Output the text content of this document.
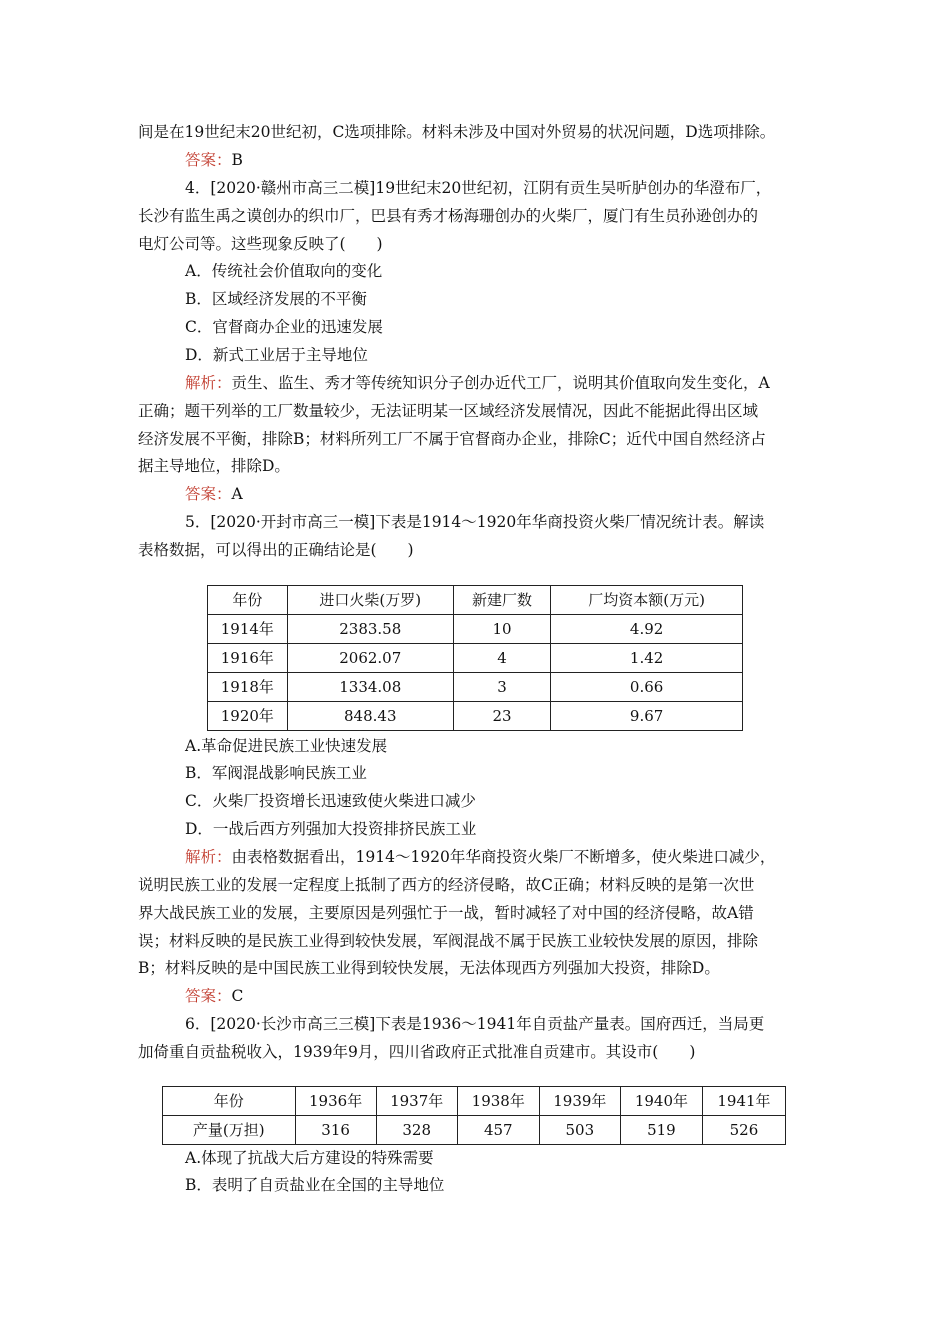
间是在19世纪末20世纪初，C选项排除。材料未涉及中国对外贸易的状况问题，D选项排除。
答案：B
4．[2020·赣州市高三二模]19世纪末20世纪初，江阴有贡生吴听胪创办的华澄布厂，
长沙有监生禹之谟创办的织巾厂，巴县有秀才杨海珊创办的火柴厂，厦门有生员孙逊创办的
电灯公司等。这些现象反映了(　　)
A．传统社会价值取向的变化
B．区域经济发展的不平衡
C．官督商办企业的迅速发展
D．新式工业居于主导地位
解析：贡生、监生、秀才等传统知识分子创办近代工厂，说明其价值取向发生变化，A
正确；题干列举的工厂数量较少，无法证明某一区域经济发展情况，因此不能据此得出区域
经济发展不平衡，排除B；材料所列工厂不属于官督商办企业，排除C；近代中国自然经济占
据主导地位，排除D。
答案：A
5．[2020·开封市高三一模]下表是1914～1920年华商投资火柴厂情况统计表。解读
表格数据，可以得出的正确结论是(　　)
年份	进口火柴(万罗)	新建厂数	厂均资本额(万元)
1914年	2383.58	10	4.92
1916年	2062.07	4	1.42
1918年	1334.08	3	0.66
1920年	848.43	23	9.67
A.革命促进民族工业快速发展
B．军阀混战影响民族工业
C．火柴厂投资增长迅速致使火柴进口减少
D．一战后西方列强加大投资排挤民族工业
解析：由表格数据看出，1914～1920年华商投资火柴厂不断增多，使火柴进口减少，
说明民族工业的发展一定程度上抵制了西方的经济侵略，故C正确；材料反映的是第一次世
界大战民族工业的发展，主要原因是列强忙于一战，暂时减轻了对中国的经济侵略，故A错
误；材料反映的是民族工业得到较快发展，军阀混战不属于民族工业较快发展的原因，排除
B；材料反映的是中国民族工业得到较快发展，无法体现西方列强加大投资，排除D。
答案：C
6．[2020·长沙市高三三模]下表是1936～1941年自贡盐产量表。国府西迁，当局更
加倚重自贡盐税收入，1939年9月，四川省政府正式批准自贡建市。其设市(　　)
年份	1936年	1937年	1938年	1939年	1940年	1941年
产量(万担)	316	328	457	503	519	526
A.体现了抗战大后方建设的特殊需要
B．表明了自贡盐业在全国的主导地位
